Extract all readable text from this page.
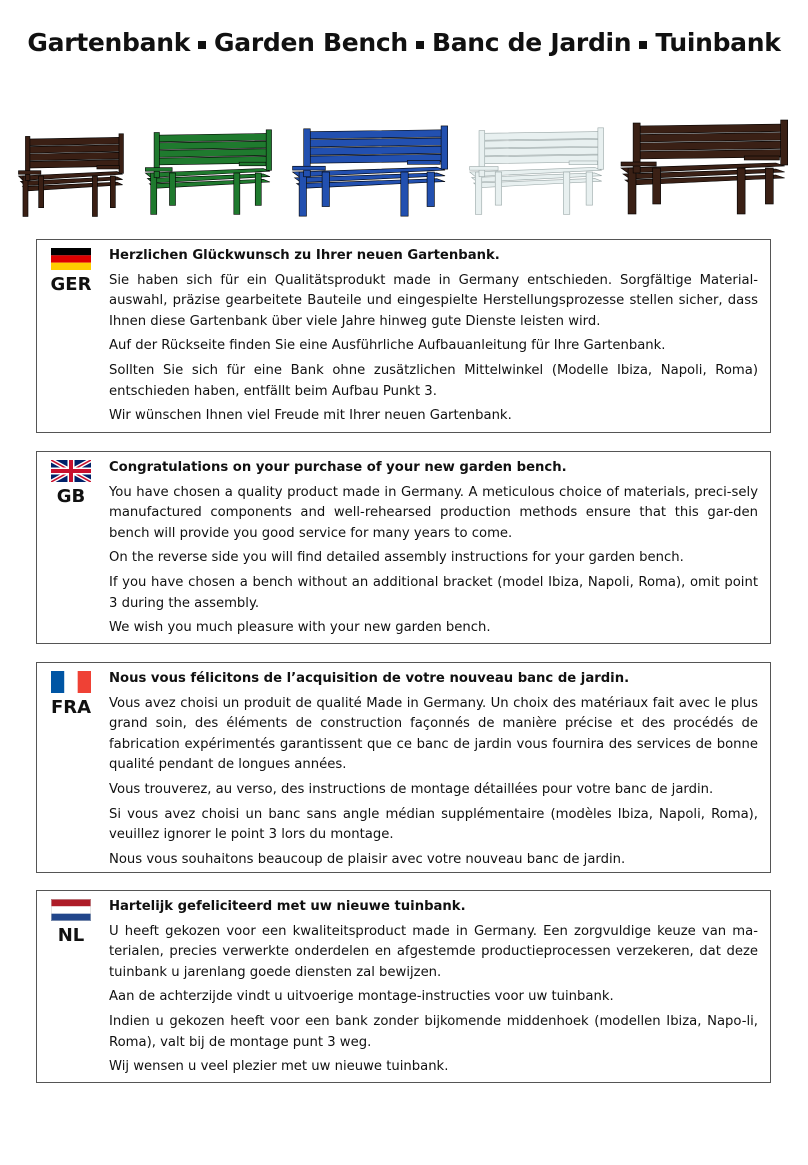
Gartenbank Garden Bench Banc de Jardin Tuinbank
GER

Herzlichen Glückwunsch zu Ihrer neuen Gartenbank.

Sie haben sich für ein Qualitätsprodukt made in Germany entschieden. Sorgfältige Material-auswahl, präzise gearbeitete Bauteile und eingespielte Herstellungsprozesse stellen sicher, dass Ihnen diese Gartenbank über viele Jahre hinweg gute Dienste leisten wird.

Auf der Rückseite finden Sie eine Ausführliche Aufbauanleitung für Ihre Gartenbank.

Sollten Sie sich für eine Bank ohne zusätzlichen Mittelwinkel (Modelle Ibiza, Napoli, Roma) entschieden haben, entfällt beim Aufbau Punkt 3.

Wir wünschen Ihnen viel Freude mit Ihrer neuen Gartenbank.

GB

Congratulations on your purchase of your new garden bench.

You have chosen a quality product made in Germany. A meticulous choice of materials, preci-sely manufactured components and well-rehearsed production methods ensure that this gar-den bench will provide you good service for many years to come.

On the reverse side you will find detailed assembly instructions for your garden bench.

If you have chosen a bench without an additional bracket (model Ibiza, Napoli, Roma), omit point 3 during the assembly.

We wish you much pleasure with your new garden bench.

FRA

Nous vous félicitons de l’acquisition de votre nouveau banc de jardin.

Vous avez choisi un produit de qualité Made in Germany. Un choix des matériaux fait avec le plus grand soin, des éléments de construction façonnés de manière précise et des procédés de fabrication expérimentés garantissent que ce banc de jardin vous fournira des services de bonne qualité pendant de longues années.

Vous trouverez, au verso, des instructions de montage détaillées pour votre banc de jardin.

Si vous avez choisi un banc sans angle médian supplémentaire (modèles Ibiza, Napoli, Roma), veuillez ignorer le point 3 lors du montage.

Nous vous souhaitons beaucoup de plaisir avec votre nouveau banc de jardin.

NL

Hartelijk gefeliciteerd met uw nieuwe tuinbank.

U heeft gekozen voor een kwaliteitsproduct made in Germany. Een zorgvuldige keuze van ma-terialen, precies verwerkte onderdelen en afgestemde productieprocessen verzekeren, dat deze tuinbank u jarenlang goede diensten zal bewijzen.

Aan de achterzijde vindt u uitvoerige montage-instructies voor uw tuinbank.

Indien u gekozen heeft voor een bank zonder bijkomende middenhoek (modellen Ibiza, Napo-li, Roma), valt bij de montage punt 3 weg.

Wij wensen u veel plezier met uw nieuwe tuinbank.
